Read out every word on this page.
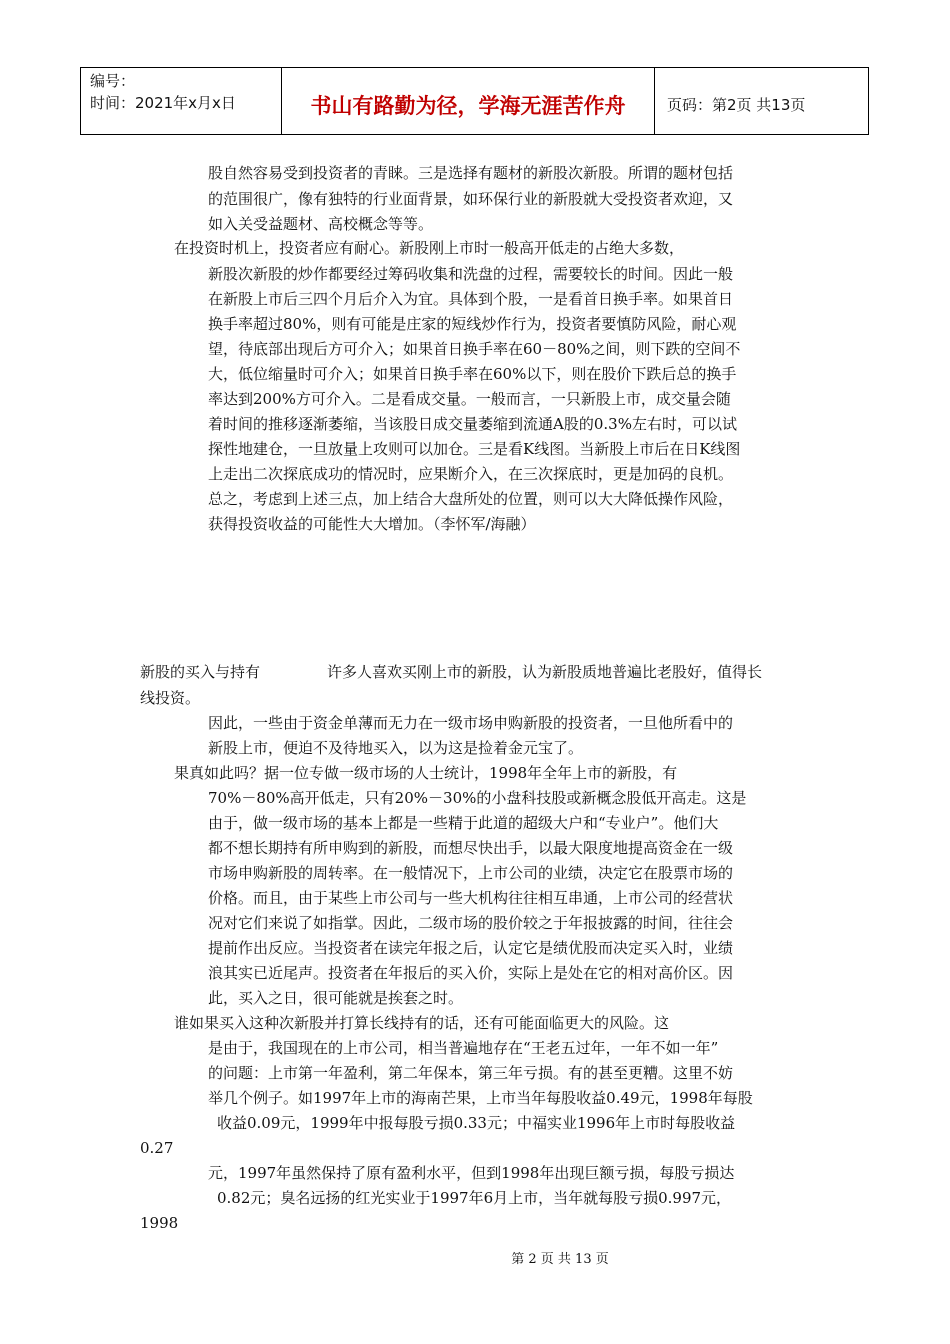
编号：
时间：2021年x月x日	书山有路勤为径，学海无涯苦作舟	页码：第2页 共13页
股自然容易受到投资者的青睐。三是选择有题材的新股次新股。所谓的题材包括
的范围很广，像有独特的行业面背景，如环保行业的新股就大受投资者欢迎，又
如入关受益题材、高校概念等等。
在投资时机上，投资者应有耐心。新股刚上市时一般高开低走的占绝大多数，
新股次新股的炒作都要经过筹码收集和洗盘的过程，需要较长的时间。因此一般
在新股上市后三四个月后介入为宜。具体到个股，一是看首日换手率。如果首日
换手率超过80%，则有可能是庄家的短线炒作行为，投资者要慎防风险，耐心观
望，待底部出现后方可介入；如果首日换手率在60－80%之间，则下跌的空间不
大，低位缩量时可介入；如果首日换手率在60%以下，则在股价下跌后总的换手
率达到200%方可介入。二是看成交量。一般而言，一只新股上市，成交量会随
着时间的推移逐渐萎缩，当该股日成交量萎缩到流通A股的0.3%左右时，可以试
探性地建仓，一旦放量上攻则可以加仓。三是看K线图。当新股上市后在日K线图
上走出二次探底成功的情况时，应果断介入，在三次探底时，更是加码的良机。
总之，考虑到上述三点，加上结合大盘所处的位置，则可以大大降低操作风险，
获得投资收益的可能性大大增加。（李怀军/海融）
新股的买入与持有	许多人喜欢买刚上市的新股，认为新股质地普遍比老股好，值得长
线投资。
因此，一些由于资金单薄而无力在一级市场申购新股的投资者，一旦他所看中的
新股上市，便迫不及待地买入，以为这是捡着金元宝了。
果真如此吗？据一位专做一级市场的人士统计，1998年全年上市的新股，有
70%－80%高开低走，只有20%－30%的小盘科技股或新概念股低开高走。这是
由于，做一级市场的基本上都是一些精于此道的超级大户和“专业户”。他们大
都不想长期持有所申购到的新股，而想尽快出手，以最大限度地提高资金在一级
市场申购新股的周转率。在一般情况下，上市公司的业绩，决定它在股票市场的
价格。而且，由于某些上市公司与一些大机构往往相互串通，上市公司的经营状
况对它们来说了如指掌。因此，二级市场的股价较之于年报披露的时间，往往会
提前作出反应。当投资者在读完年报之后，认定它是绩优股而决定买入时，业绩
浪其实已近尾声。投资者在年报后的买入价，实际上是处在它的相对高价区。因
此，买入之日，很可能就是挨套之时。
谁如果买入这种次新股并打算长线持有的话，还有可能面临更大的风险。这
是由于，我国现在的上市公司，相当普遍地存在“王老五过年，一年不如一年”
的问题：上市第一年盈利，第二年保本，第三年亏损。有的甚至更糟。这里不妨
举几个例子。如1997年上市的海南芒果，上市当年每股收益0.49元，1998年每股
收益0.09元，1999年中报每股亏损0.33元；中福实业1996年上市时每股收益
0.27
元，1997年虽然保持了原有盈利水平，但到1998年出现巨额亏损，每股亏损达
0.82元；臭名远扬的红光实业于1997年6月上市，当年就每股亏损0.997元，
1998
第 2 页 共 13 页
